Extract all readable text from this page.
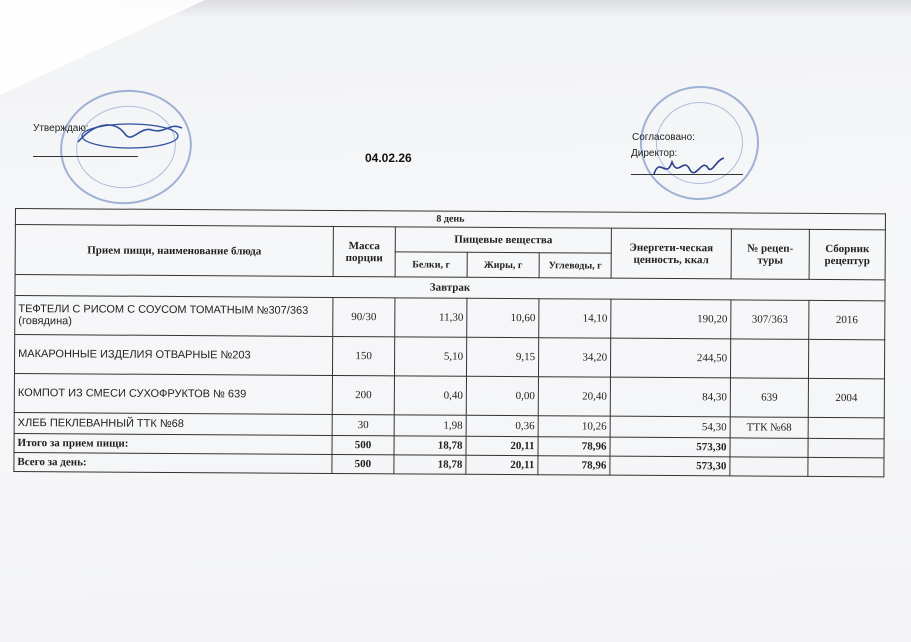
Утверждаю:
Согласовано:
Директор:
04.02.26
8 день							
Прием пищи, наименование блюда	Масса порции	Пищевые вещества			Энергети-ческая ценность, ккал	№ рецеп-туры	Сборник рецептур
		Белки, г	Жиры, г	Углеводы, г			
Завтрак							
ТЕФТЕЛИ С РИСОМ С СОУСОМ ТОМАТНЫМ №307/363 (говядина)	90/30	11,30	10,60	14,10	190,20	307/363	2016
МАКАРОННЫЕ ИЗДЕЛИЯ ОТВАРНЫЕ №203	150	5,10	9,15	34,20	244,50		
КОМПОТ ИЗ СМЕСИ СУХОФРУКТОВ № 639	200	0,40	0,00	20,40	84,30	639	2004
ХЛЕБ ПЕКЛЕВАННЫЙ ТТК №68	30	1,98	0,36	10,26	54,30	ТТК №68	
Итого за прием пищи:	500	18,78	20,11	78,96	573,30		
Всего за день:	500	18,78	20,11	78,96	573,30		
